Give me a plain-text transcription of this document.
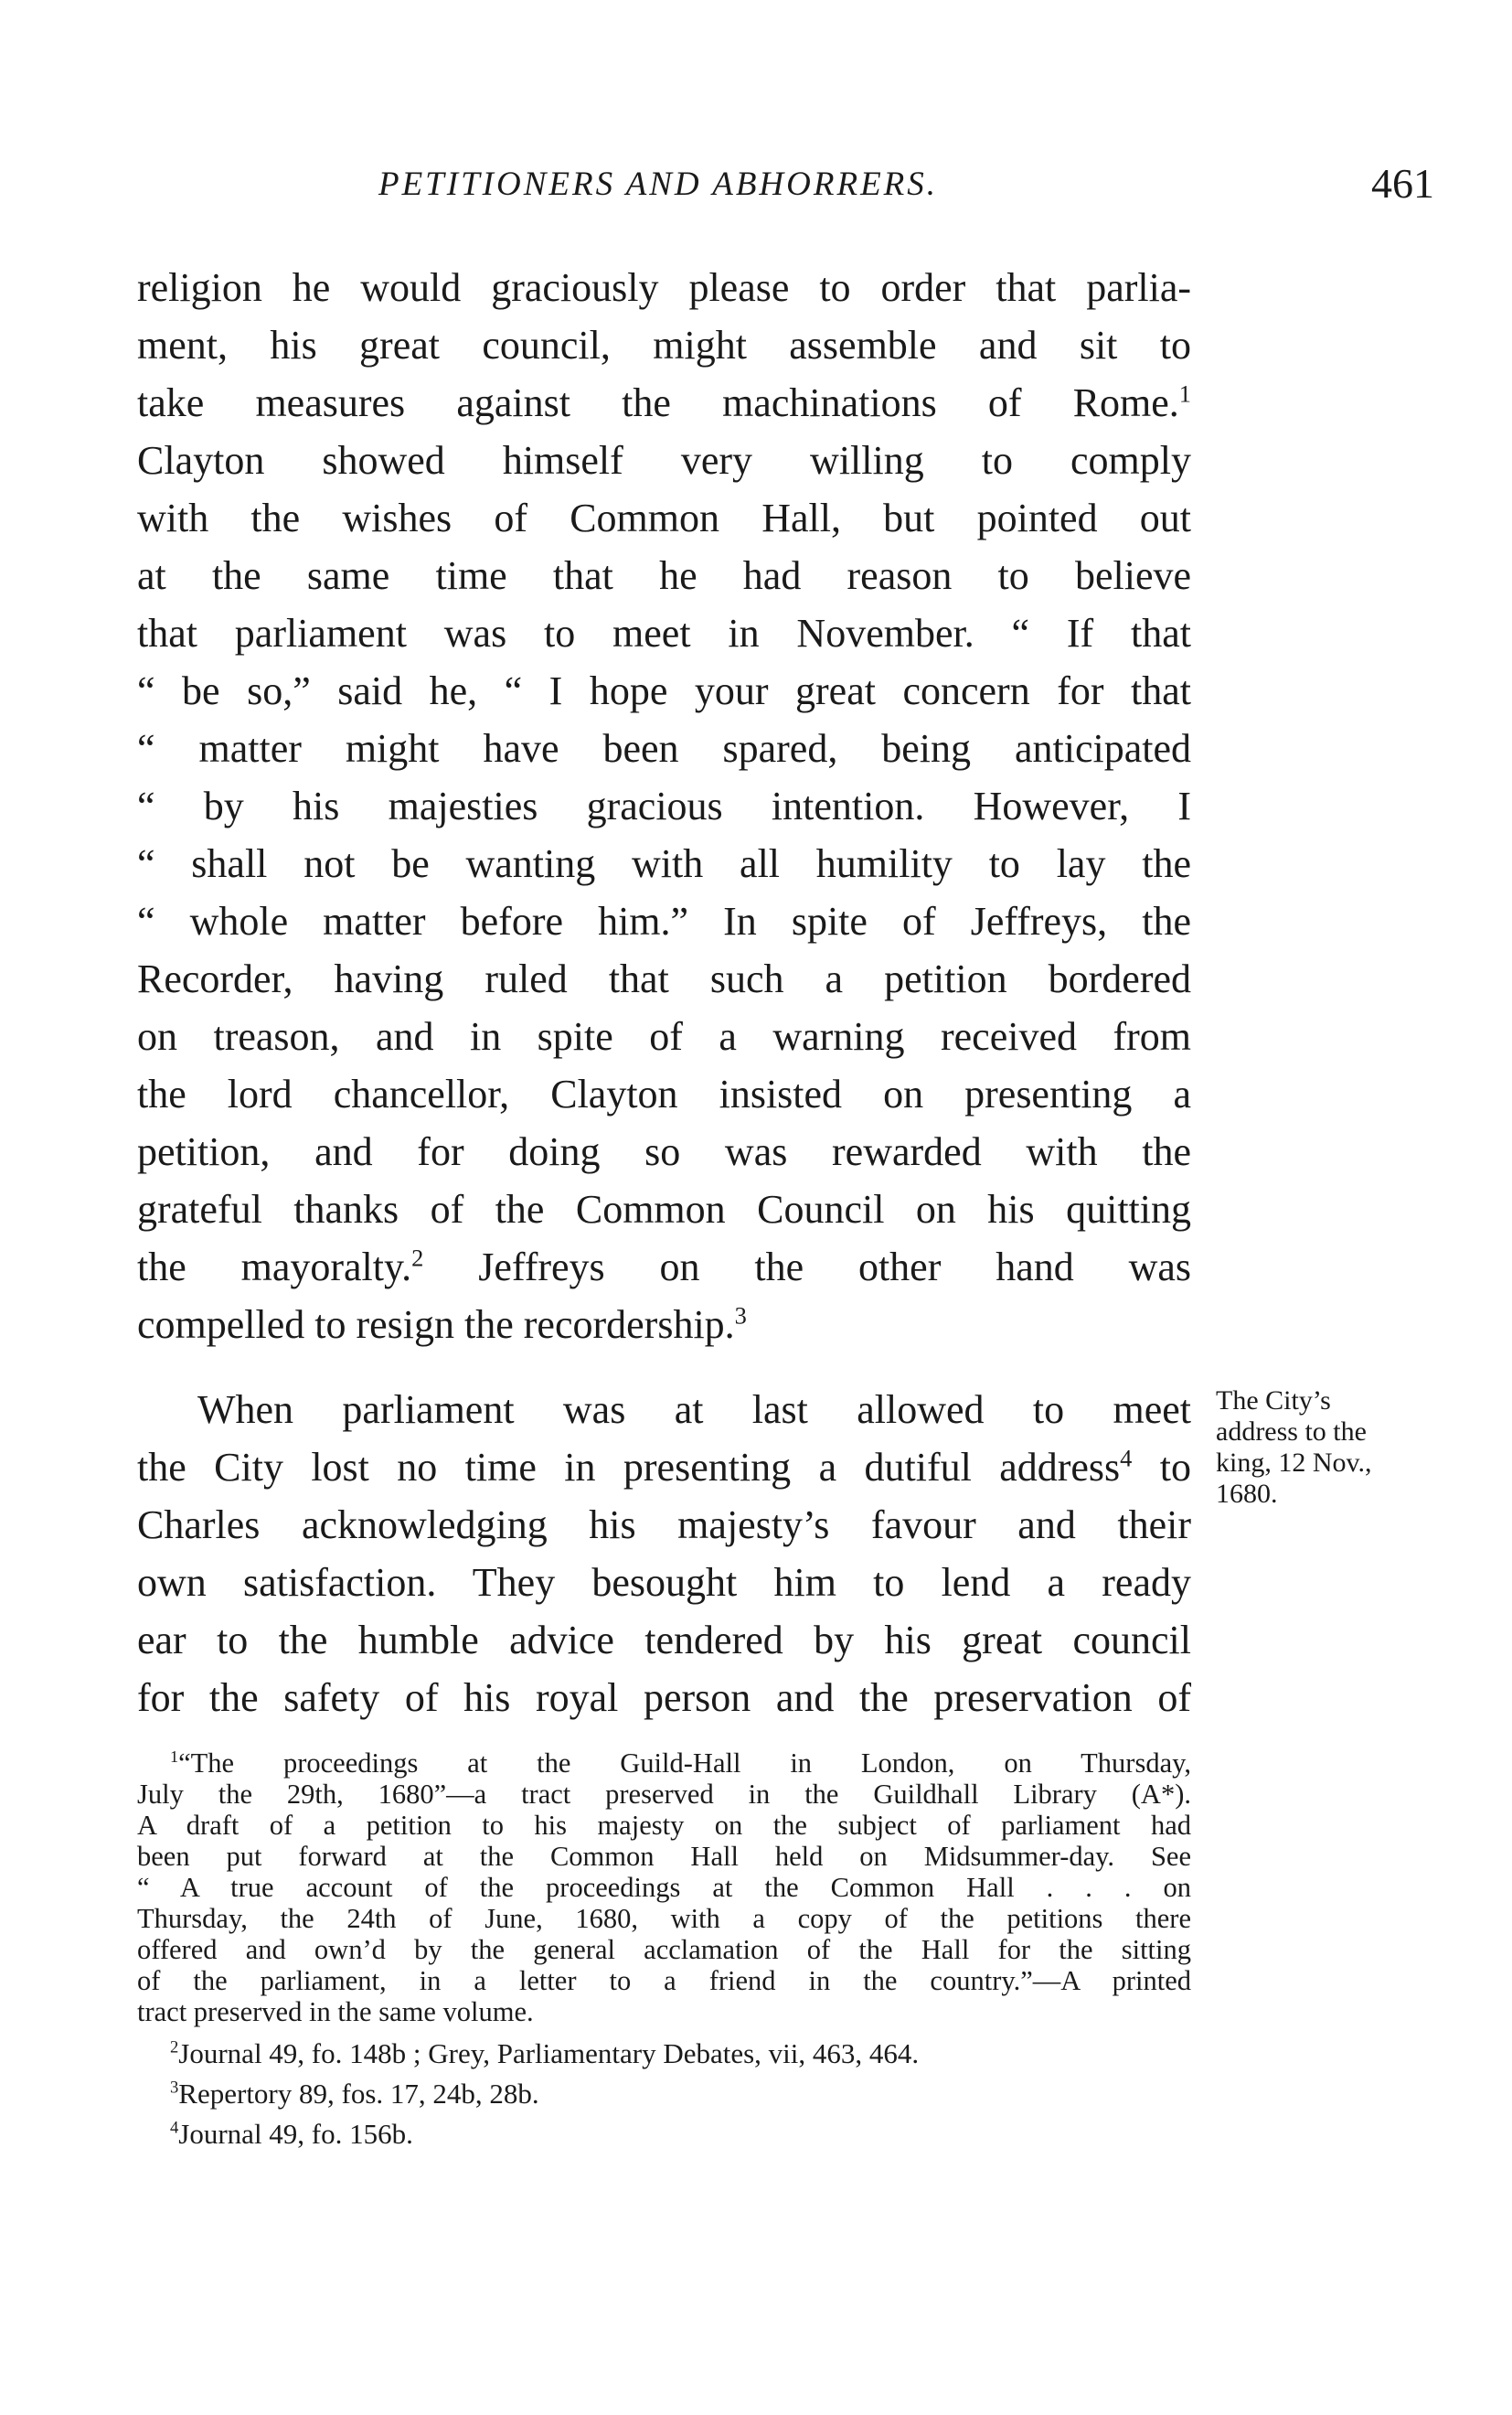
PETITIONERS AND ABHORRERS.	461
religion he would graciously please to order that parlia-
ment, his great council, might assemble and sit to
take measures against the machinations of Rome.$^1$
Clayton showed himself very willing to comply
with the wishes of Common Hall, but pointed out
at the same time that he had reason to believe
that parliament was to meet in November. “ If that
“ be so,” said he, “ I hope your great concern for that
“ matter might have been spared, being anticipated
“ by his majesties gracious intention. However, I
“ shall not be wanting with all humility to lay the
“ whole matter before him.” In spite of Jeffreys, the
Recorder, having ruled that such a petition bordered
on treason, and in spite of a warning received from
the lord chancellor, Clayton insisted on presenting a
petition, and for doing so was rewarded with the
grateful thanks of the Common Council on his quitting
the mayoralty.$^2$ Jeffreys on the other hand was
compelled to resign the recordership.$^3$
When parliament was at last allowed to meet
the City lost no time in presenting a dutiful address$^4$ to
Charles acknowledging his majesty’s favour and their
own satisfaction. They besought him to lend a ready
ear to the humble advice tendered by his great council
for the safety of his royal person and the preservation of
The City’s
address to the
king, 12 Nov.,
1680.
$^1$“The proceedings at the Guild-Hall in London, on Thursday,
July the 29th, 1680”—a tract preserved in the Guildhall Library (A*).
A draft of a petition to his majesty on the subject of parliament had
been put forward at the Common Hall held on Midsummer-day. See
“ A true account of the proceedings at the Common Hall . . . on
Thursday, the 24th of June, 1680, with a copy of the petitions there
offered and own’d by the general acclamation of the Hall for the sitting
of the parliament, in a letter to a friend in the country.”—A printed
tract preserved in the same volume.
$^2$Journal 49, fo. 148b ; Grey, Parliamentary Debates, vii, 463, 464.
$^3$Repertory 89, fos. 17, 24b, 28b.
$^4$Journal 49, fo. 156b.
